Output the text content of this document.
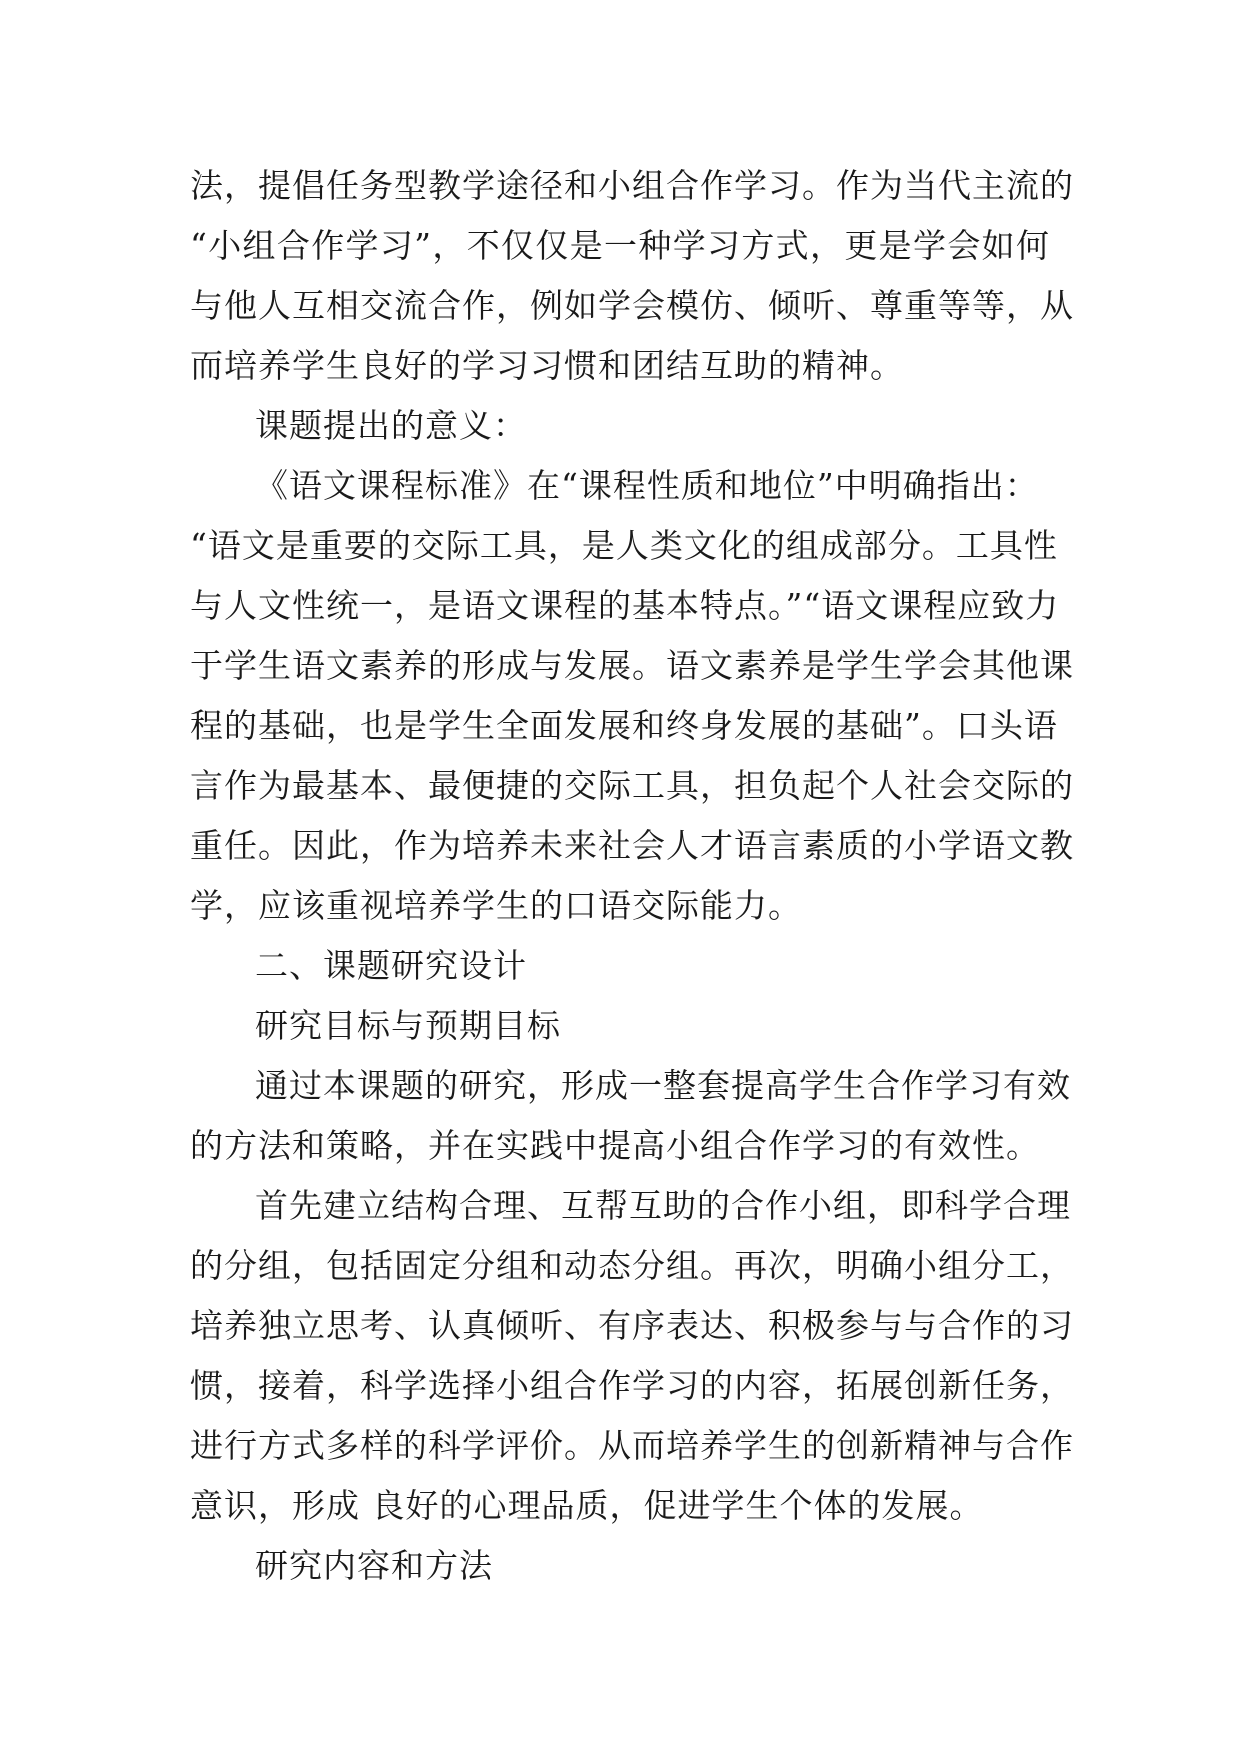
法，提倡任务型教学途径和小组合作学习。作为当代主流的
“小组合作学习”，不仅仅是一种学习方式，更是学会如何
与他人互相交流合作，例如学会模仿、倾听、尊重等等，从
而培养学生良好的学习习惯和团结互助的精神。
课题提出的意义：
《语文课程标准》在“课程性质和地位”中明确指出：
“语文是重要的交际工具，是人类文化的组成部分。工具性
与人文性统一，是语文课程的基本特点。”“语文课程应致力
于学生语文素养的形成与发展。语文素养是学生学会其他课
程的基础，也是学生全面发展和终身发展的基础”。口头语
言作为最基本、最便捷的交际工具，担负起个人社会交际的
重任。因此，作为培养未来社会人才语言素质的小学语文教
学，应该重视培养学生的口语交际能力。
二、课题研究设计
研究目标与预期目标
通过本课题的研究，形成一整套提高学生合作学习有效
的方法和策略，并在实践中提高小组合作学习的有效性。
首先建立结构合理、互帮互助的合作小组，即科学合理
的分组，包括固定分组和动态分组。再次，明确小组分工，
培养独立思考、认真倾听、有序表达、积极参与与合作的习
惯，接着，科学选择小组合作学习的内容，拓展创新任务，
进行方式多样的科学评价。从而培养学生的创新精神与合作
意识，形成 良好的心理品质，促进学生个体的发展。
研究内容和方法
